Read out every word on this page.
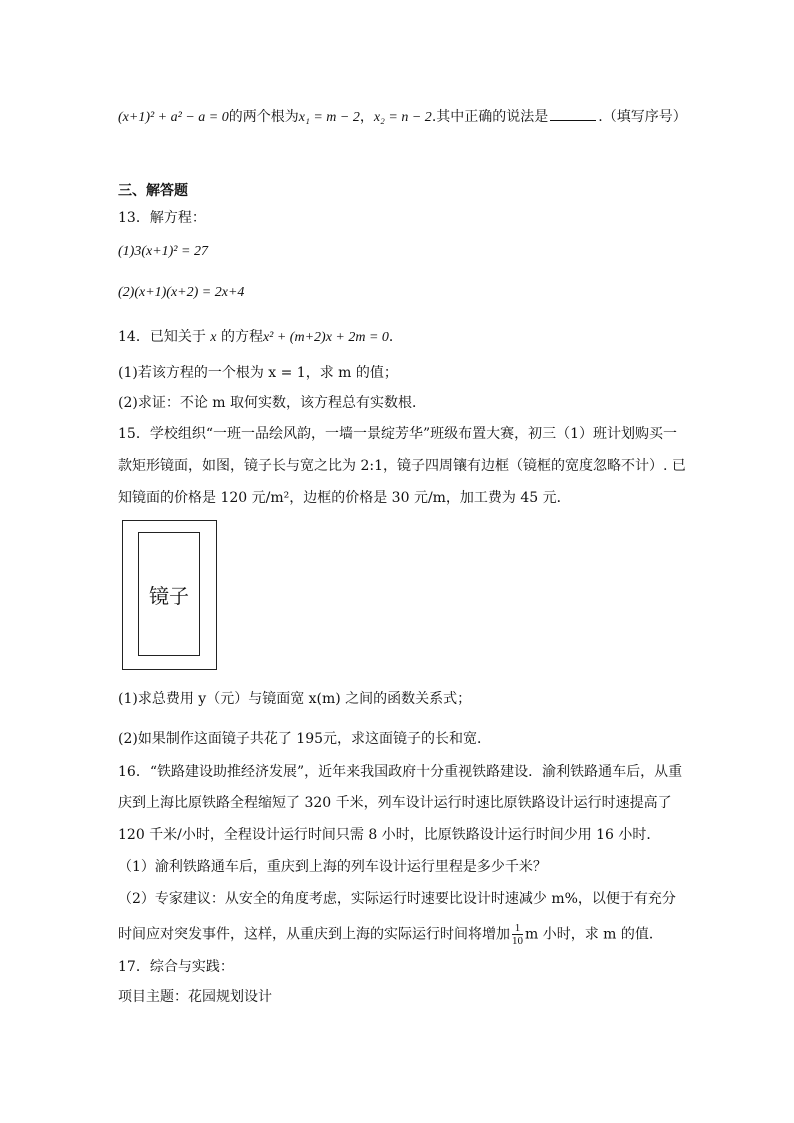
(x+1)² + a² − a = 0的两个根为x₁ = m − 2，x₂ = n − 2.其中正确的说法是	.（填写序号）
三、解答题
13．解方程：
(1)3(x+1)² = 27
(2)(x+1)(x+2) = 2x+4
14．已知关于 x 的方程x² + (m+2)x + 2m = 0．
(1)若该方程的一个根为 x = 1，求 m 的值；
(2)求证：不论 m 取何实数，该方程总有实数根．
15．学校组织“一班一品绘风韵，一墙一景绽芳华”班级布置大赛，初三（1）班计划购买一
款矩形镜面，如图，镜子长与宽之比为 2:1，镜子四周镶有边框（镜框的宽度忽略不计）. 已
知镜面的价格是 120 元/m²，边框的价格是 30 元/m，加工费为 45 元．
镜子
(1)求总费用 y（元）与镜面宽 x(m) 之间的函数关系式；
(2)如果制作这面镜子共花了 195元，求这面镜子的长和宽．
16．“铁路建设助推经济发展”，近年来我国政府十分重视铁路建设．渝利铁路通车后，从重
庆到上海比原铁路全程缩短了 320 千米，列车设计运行时速比原铁路设计运行时速提高了
120 千米/小时，全程设计运行时间只需 8 小时，比原铁路设计运行时间少用 16 小时．
（1）渝利铁路通车后，重庆到上海的列车设计运行里程是多少千米？
（2）专家建议：从安全的角度考虑，实际运行时速要比设计时速减少 m%，以便于有充分
时间应对突发事件，这样，从重庆到上海的实际运行时间将增加 $\frac{1}{10}$ m 小时，求 m 的值．
17．综合与实践：
项目主题：花园规划设计
